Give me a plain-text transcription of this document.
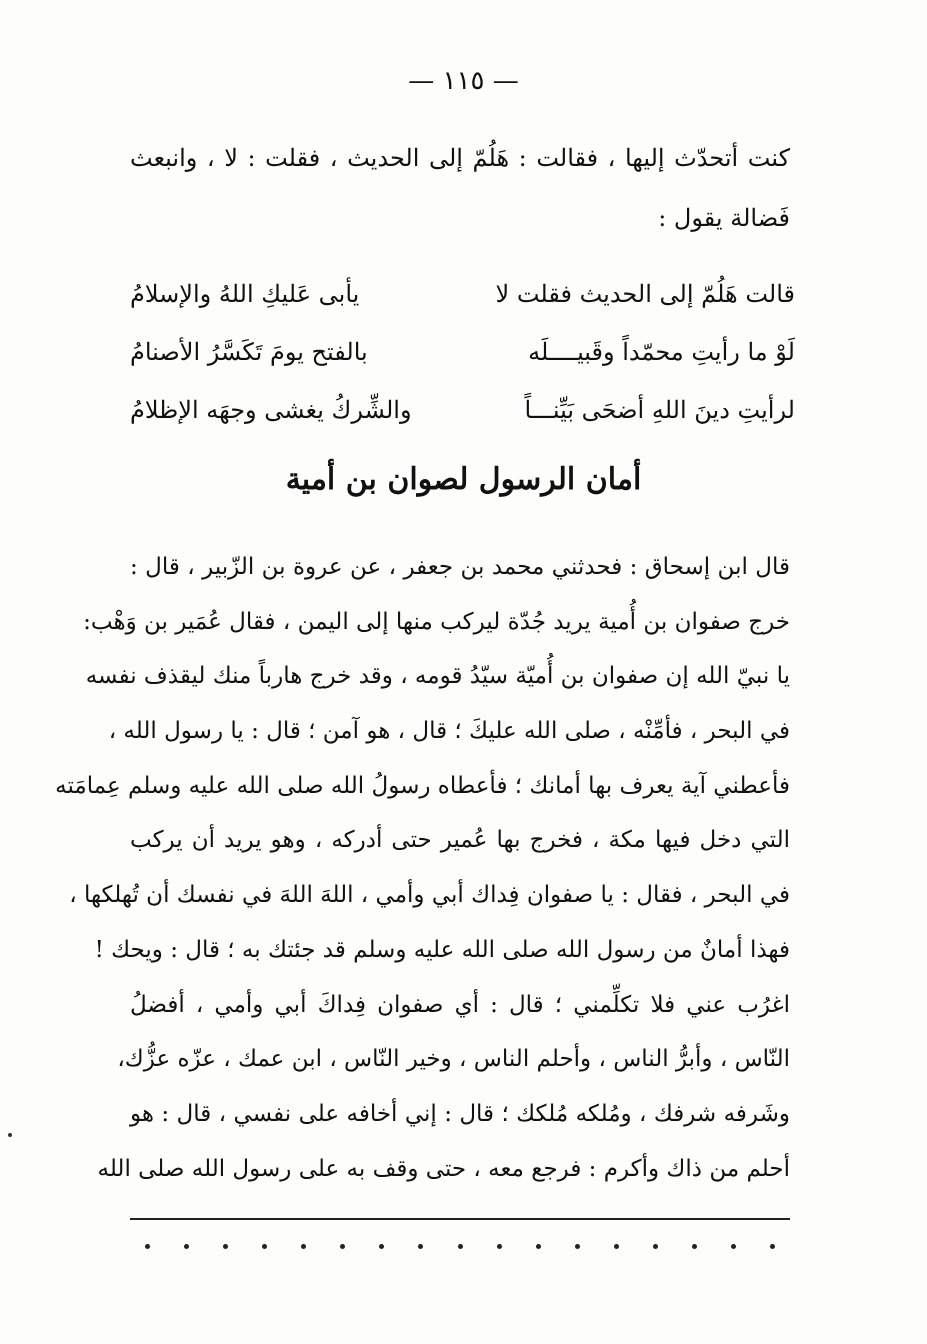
— ١١٥ —

كنت أتحدّث إليها ، فقالت : هَلُمّ إلى الحديث ، فقلت : لا ، وانبعث فَضالة يقول :

قالت هَلُمّ إلى الحديث فقلت لا
يأبى عَليكِ اللهُ والإسلامُ
لَوْ ما رأيتِ محمّداً وقَبيــــلَه
بالفتح يومَ تَكَسَّرُ الأصنامُ
لرأيتِ دينَ اللهِ أضحَى بَيِّنـــاً
والشِّركُ يغشى وجهَه الإظلامُ
أمان الرسول لصوان بن أمية
قال ابن إسحاق : فحدثني محمد بن جعفر ، عن عروة بن الزّبير ، قال :
خرج صفوان بن أُمية يريد جُدّة ليركب منها إلى اليمن ، فقال عُمَير بن وَهْب:
يا نبيّ الله إن صفوان بن أُميّة سيّدُ قومه ، وقد خرج هارباً منك ليقذف نفسه
في البحر ، فأمِّنْه ، صلى الله عليكَ ؛ قال ، هو آمن ؛ قال : يا رسول الله ،
فأعطني آية يعرف بها أمانك ؛ فأعطاه رسولُ الله صلى الله عليه وسلم عِمامَته
التي دخل فيها مكة ، فخرج بها عُمير حتى أدركه ، وهو يريد أن يركب
في البحر ، فقال : يا صفوان فِداك أبي وأمي ، اللهَ اللهَ في نفسك أن تُهلكها ،
فهذا أمانٌ من رسول الله صلى الله عليه وسلم قد جئتك به ؛ قال : ويحك !
اغرُب عني فلا تكلِّمني ؛ قال : أي صفوان فِداكَ أبي وأمي ، أفضلُ
النّاس ، وأبرُّ الناس ، وأحلم الناس ، وخير النّاس ، ابن عمك ، عزّه عزُّك،
وشَرفه شرفك ، ومُلكه مُلكك ؛ قال : إني أخافه على نفسي ، قال : هو
أحلم من ذاك وأكرم : فرجع معه ، حتى وقف به على رسول الله صلى الله
